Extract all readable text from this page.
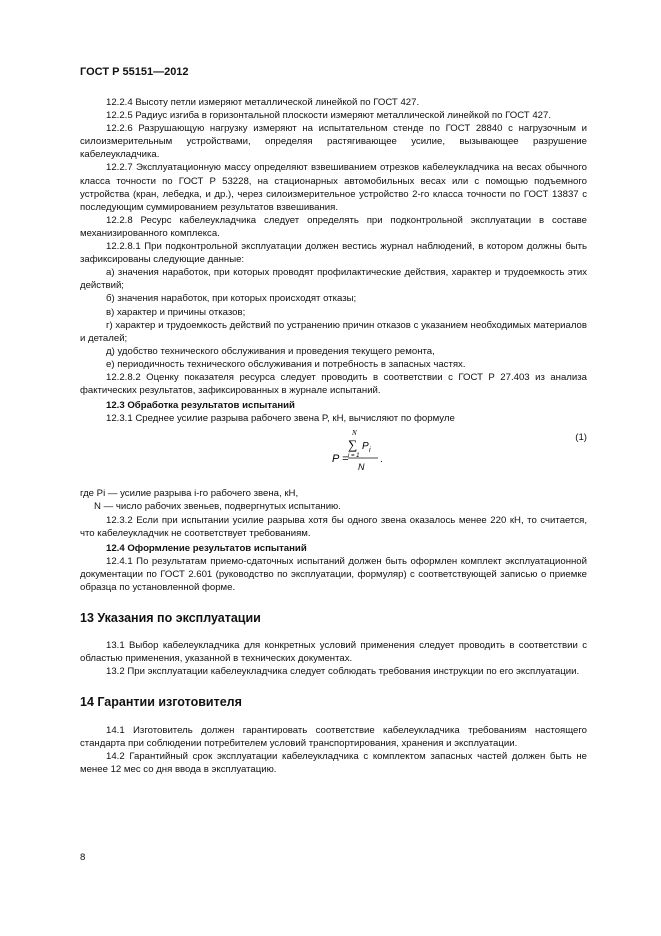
ГОСТ Р 55151—2012

12.2.4 Высоту петли измеряют металлической линейкой по ГОСТ 427.

12.2.5 Радиус изгиба в горизонтальной плоскости измеряют металлической линейкой по ГОСТ 427.

12.2.6 Разрушающую нагрузку измеряют на испытательном стенде по ГОСТ 28840 с нагрузочным и силоизмерительным устройствами, определяя растягивающее усилие, вызывающее разрушение кабелеукладчика.

12.2.7 Эксплуатационную массу определяют взвешиванием отрезков кабелеукладчика на весах обычного класса точности по ГОСТ Р 53228, на стационарных автомобильных весах или с помощью подъемного устройства (кран, лебедка, и др.), через силоизмерительное устройство 2-го класса точности по ГОСТ 13837 с последующим суммированием результатов взвешивания.

12.2.8 Ресурс кабелеукладчика следует определять при подконтрольной эксплуатации в составе механизированного комплекса.

12.2.8.1 При подконтрольной эксплуатации должен вестись журнал наблюдений, в котором должны быть зафиксированы следующие данные:

а) значения наработок, при которых проводят профилактические действия, характер и трудоемкость этих действий;

б) значения наработок, при которых происходят отказы;

в) характер и причины отказов;

г) характер и трудоемкость действий по устранению причин отказов с указанием необходимых материалов и деталей;

д) удобство технического обслуживания и проведения текущего ремонта,

е) периодичность технического обслуживания и потребность в запасных частях.

12.2.8.2 Оценку показателя ресурса следует проводить в соответствии с ГОСТ Р 27.403 из анализа фактических результатов, зафиксированных в журнале испытаний.

12.3 Обработка результатов испытаний

12.3.1 Среднее усилие разрыва рабочего звена P, кН, вычисляют по формуле

N
∑ P i
P = i = 1
N
.
(1)

где Pi — усилие разрыва i-го рабочего звена, кН,

N — число рабочих звеньев, подвергнутых испытанию.

12.3.2 Если при испытании усилие разрыва хотя бы одного звена оказалось менее 220 кН, то считается, что кабелеукладчик не соответствует требованиям.

12.4 Оформление результатов испытаний

12.4.1 По результатам приемо-сдаточных испытаний должен быть оформлен комплект эксплуатационной документации по ГОСТ 2.601 (руководство по эксплуатации, формуляр) с соответствующей записью о приемке образца по установленной форме.

13 Указания по эксплуатации

13.1 Выбор кабелеукладчика для конкретных условий применения следует проводить в соответствии с областью применения, указанной в технических документах.

13.2 При эксплуатации кабелеукладчика следует соблюдать требования инструкции по его эксплуатации.

14 Гарантии изготовителя

14.1 Изготовитель должен гарантировать соответствие кабелеукладчика требованиям настоящего стандарта при соблюдении потребителем условий транспортирования, хранения и эксплуатации.

14.2 Гарантийный срок эксплуатации кабелеукладчика с комплектом запасных частей должен быть не менее 12 мес со дня ввода в эксплуатацию.

8
